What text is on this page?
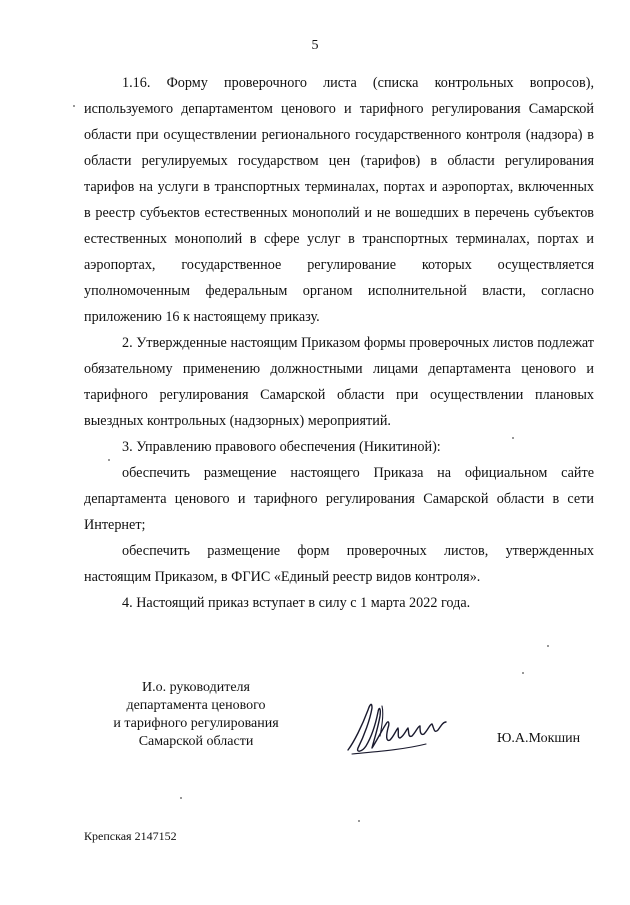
5

1.16. Форму проверочного листа (списка контрольных вопросов), используемого департаментом ценового и тарифного регулирования Самарской области при осуществлении регионального государственного контроля (надзора) в области регулируемых государством цен (тарифов) в области регулирования тарифов на услуги в транспортных терминалах, портах и аэропортах, включенных в реестр субъектов естественных монополий и не вошедших в перечень субъектов естественных монополий в сфере услуг в транспортных терминалах, портах и аэропортах, государственное регулирование которых осуществляется уполномоченным федеральным органом исполнительной власти, согласно приложению 16 к настоящему приказу.

2. Утвержденные настоящим Приказом формы проверочных листов подлежат обязательному применению должностными лицами департамента ценового и тарифного регулирования Самарской области при осуществлении плановых выездных контрольных (надзорных) мероприятий.

3. Управлению правового обеспечения (Никитиной):

обеспечить размещение настоящего Приказа на официальном сайте департамента ценового и тарифного регулирования Самарской области в сети Интернет;

обеспечить размещение форм проверочных листов, утвержденных настоящим Приказом, в ФГИС «Единый реестр видов контроля».

4. Настоящий приказ вступает в силу с 1 марта 2022 года.

И.о. руководителя
департамента ценового
и тарифного регулирования
Самарской области	Ю.А.Мокшин
Крепская 2147152
